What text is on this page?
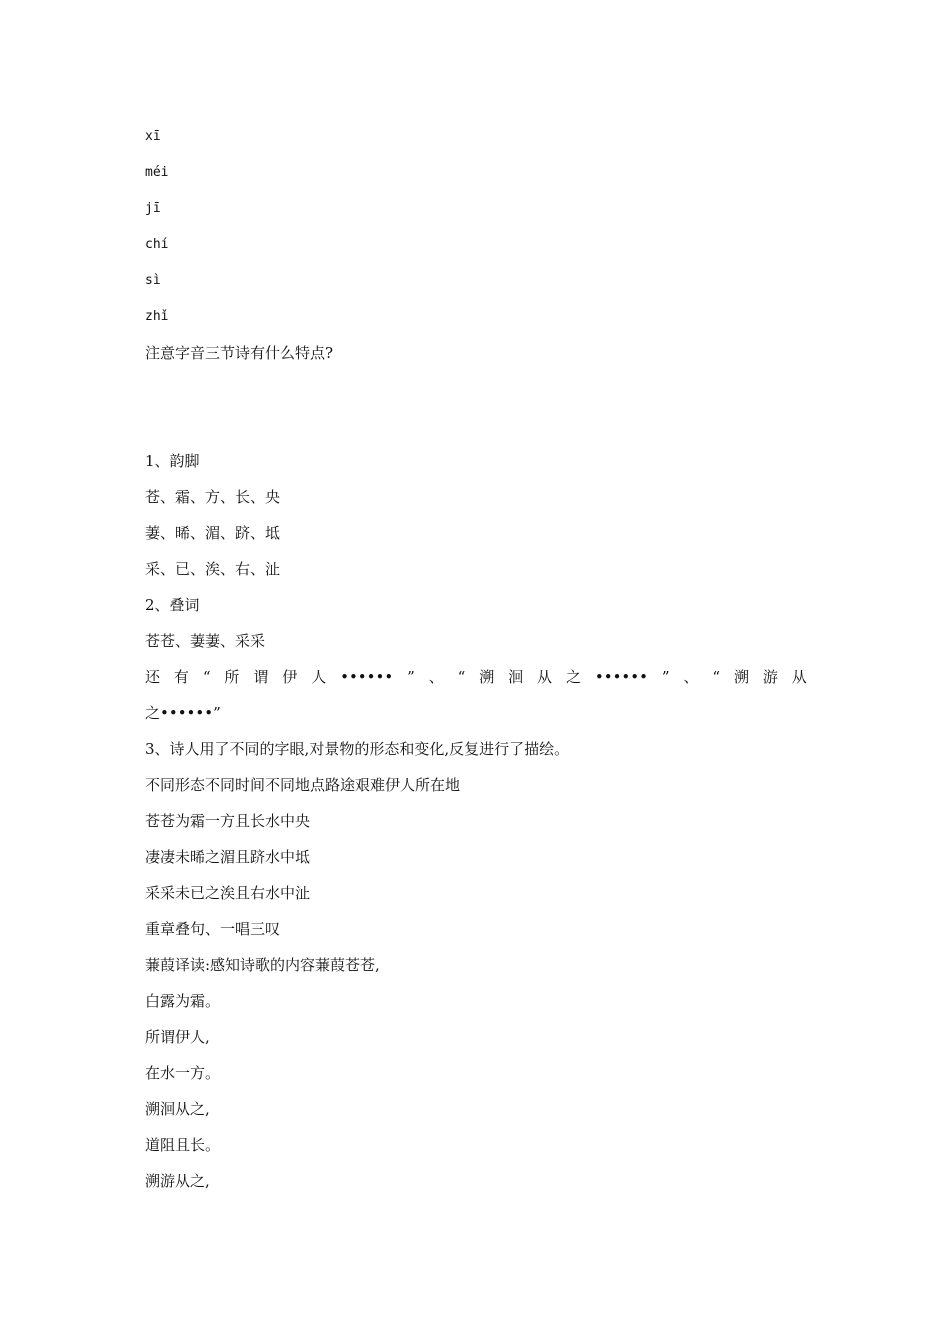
xī
méi
jī
chí
sì
zhǐ
注意字音三节诗有什么特点?
1、韵脚
苍、霜、方、长、央
萋、晞、湄、跻、坻
采、已、涘、右、沚
2、叠词
苍苍、萋萋、采采
还 有 “ 所 谓 伊 人 •••••• ” 、 “ 溯 洄 从 之 •••••• ” 、 “ 溯 游 从
之••••••”
3、诗人用了不同的字眼,对景物的形态和变化,反复进行了描绘。
不同形态不同时间不同地点路途艰难伊人所在地
苍苍为霜一方且长水中央
凄凄未晞之湄且跻水中坻
采采未已之涘且右水中沚
重章叠句、一唱三叹
蒹葭译读:感知诗歌的内容蒹葭苍苍,
白露为霜。
所谓伊人,
在水一方。
溯洄从之,
道阻且长。
溯游从之,
